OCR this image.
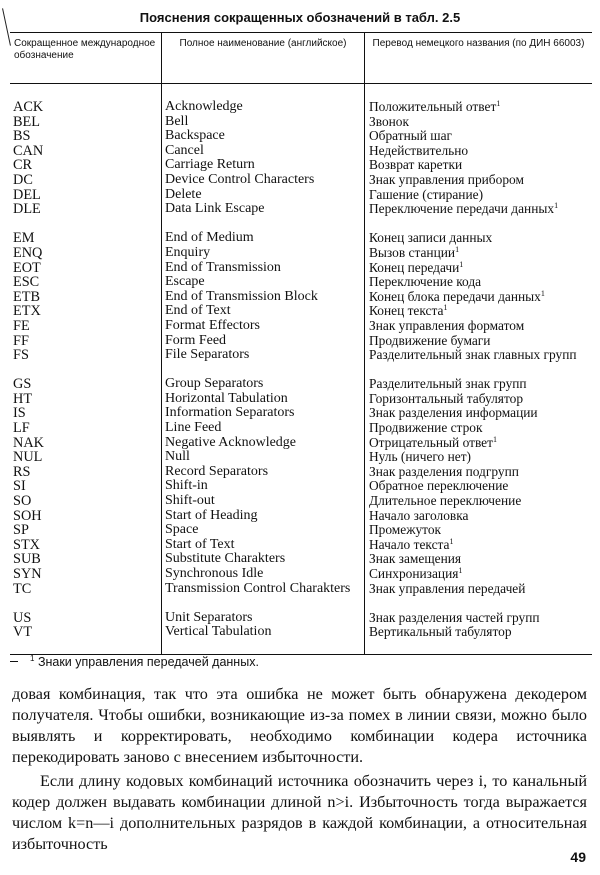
Пояснения сокращенных обозначений в табл. 2.5
Сокращенное международное обозначение
Полное наименование (английское)	Перевод немецкого названия (по ДИН 66003)
ACK
BEL
BS
CAN
CR
DC
DEL
DLE
EM
ENQ
EOT
ESC
ETB
ETX
FE
FF
FS
GS
HT
IS
LF
NAK
NUL
RS
SI
SO
SOH
SP
STX
SUB
SYN
TC
US
VT
Acknowledge
Bell
Backspace
Cancel
Carriage Return
Device Control Characters
Delete
Data Link Escape
End of Medium
Enquiry
End of Transmission
Escape
End of Transmission Block
End of Text
Format Effectors
Form Feed
File Separators
Group Separators
Horizontal Tabulation
Information Separators
Line Feed
Negative Acknowledge
Null
Record Separators
Shift-in
Shift-out
Start of Heading
Space
Start of Text
Substitute Charakters
Synchronous Idle
Transmission Control Charakters
Unit Separators
Vertical Tabulation
Положительный ответ$^1$
Звонок
Обратный шаг
Недействительно
Возврат каретки
Знак управления прибором
Гашение (стирание)
Переключение передачи данных$^1$
Конец записи данных
Вызов станции$^1$
Конец передачи$^1$
Переключение кода
Конец блока передачи данных$^1$
Конец текста$^1$
Знак управления форматом
Продвижение бумаги
Разделительный знак главных групп
Разделительный знак групп
Горизонтальный табулятор
Знак разделения информации
Продвижение строк
Отрицательный ответ$^1$
Нуль (ничего нет)
Знак разделения подгрупп
Обратное переключение
Длительное переключение
Начало заголовка
Промежуток
Начало текста$^1$
Знак замещения
Синхронизация$^1$
Знак управления передачей
Знак разделения частей групп
Вертикальный табулятор
$^1$ Знаки управления передачей данных.

довая комбинация, так что эта ошибка не может быть обнаружена декодером получателя. Чтобы ошибки, возникающие из-за помех в линии связи, можно было выявлять и корректировать, необходимо комбинации кодера источника перекодировать заново с внесением избыточности.

Если длину кодовых комбинаций источника обозначить через i, то канальный кодер должен выдавать комбинации длиной n>i. Избыточность тогда выражается числом k=n—i дополнительных разрядов в каждой комбинации, а относительная избыточность

49
